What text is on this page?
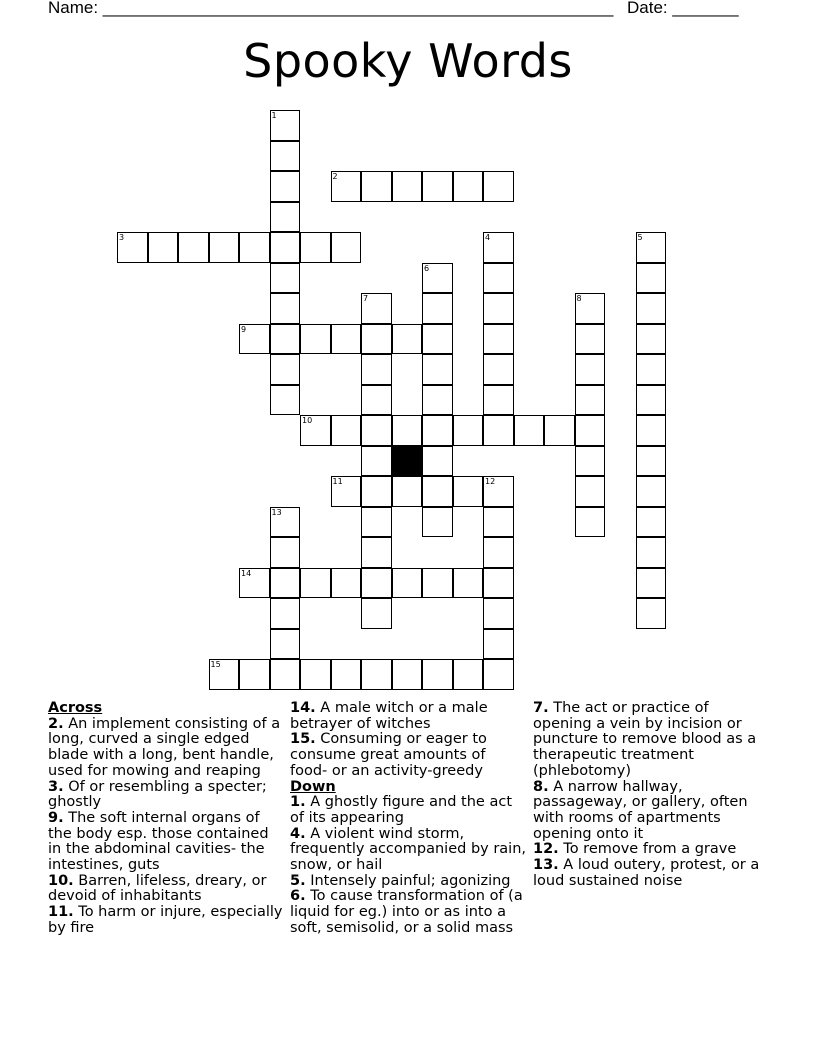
Name: ______________________________________________________ Date: _______
Spooky Words
1
2
3	4	5
6
7	8
9
10
11	12
13
14
15
Across

2. An implement consisting of a long, curved a single edged blade with a long, bent handle, used for mowing and reaping

3. Of or resembling a specter; ghostly

9. The soft internal organs of the body esp. those contained in the abdominal cavities- the intestines, guts

10. Barren, lifeless, dreary, or devoid of inhabitants

11. To harm or injure, especially by fire

14. A male witch or a male betrayer of witches

15. Consuming or eager to consume great amounts of food- or an activity-greedy

Down

1. A ghostly figure and the act of its appearing

4. A violent wind storm, frequently accompanied by rain, snow, or hail

5. Intensely painful; agonizing

6. To cause transformation of (a liquid for eg.) into or as into a soft, semisolid, or a solid mass

7. The act or practice of opening a vein by incision or puncture to remove blood as a therapeutic treatment (phlebotomy)

8. A narrow hallway, passageway, or gallery, often with rooms of apartments opening onto it

12. To remove from a grave

13. A loud outery, protest, or a loud sustained noise
